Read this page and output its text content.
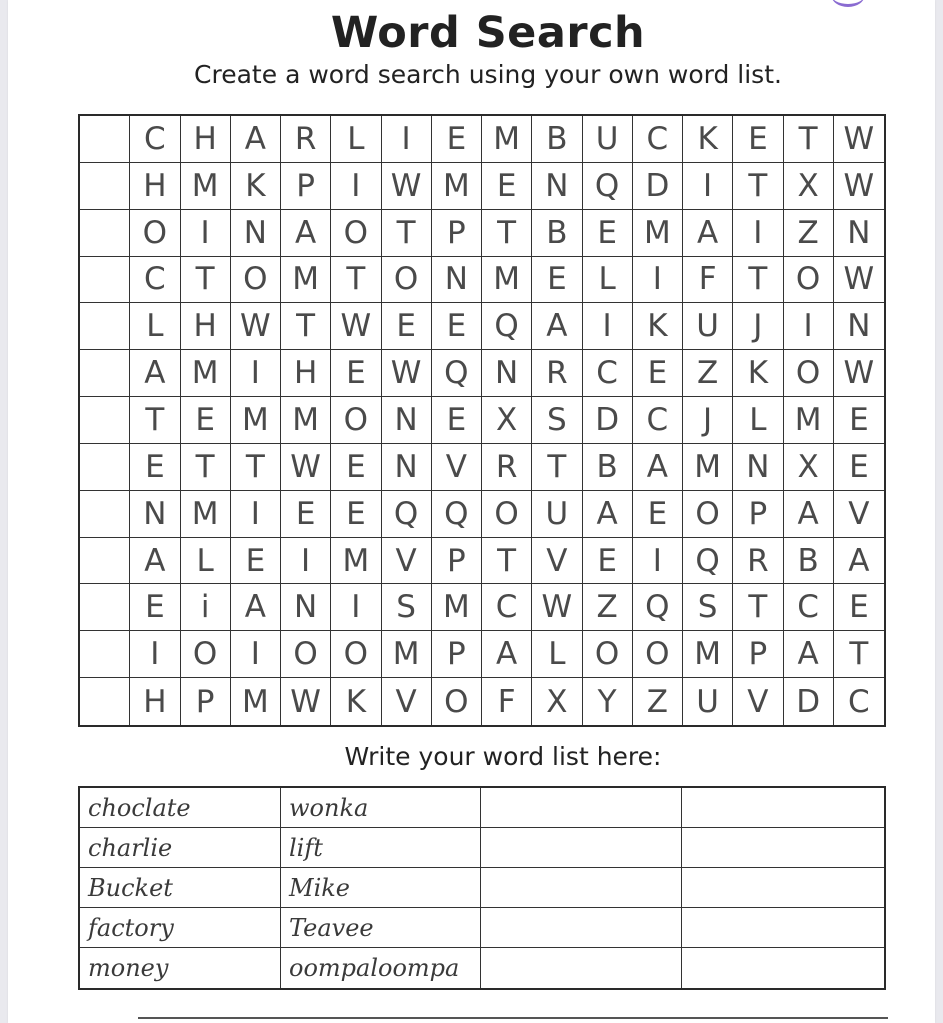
Word Search
Create a word search using your own word list.
C H A R L	I	E M B U C K E T W
H M K P	I W M E N Q D	I	T X W
O	I	N A O T	P	T B E M A	I	Z N
C T O M T O N M E	L	I	F	T O W
L H W T W E E Q A	I	K U	J	I	N
A M	I	H E W Q N R C E Z K O W
T E M M O N E X S D C	J	L M E
E T	T W E N V R T B A M N X E
N M	I	E E Q Q O U A E O P A V
A	L	E	I	M V P	T V E	I	Q R B A
E	i	A N	I	S M C W Z Q S T C E
I	O	I	O O M P A	L O O M P A T
H P M W K V O F X Y Z U V D C
Write your word list here:
choclate	wonka
charlie	lift
Bucket	Mike
factory	Teavee
money	oompaloompa
